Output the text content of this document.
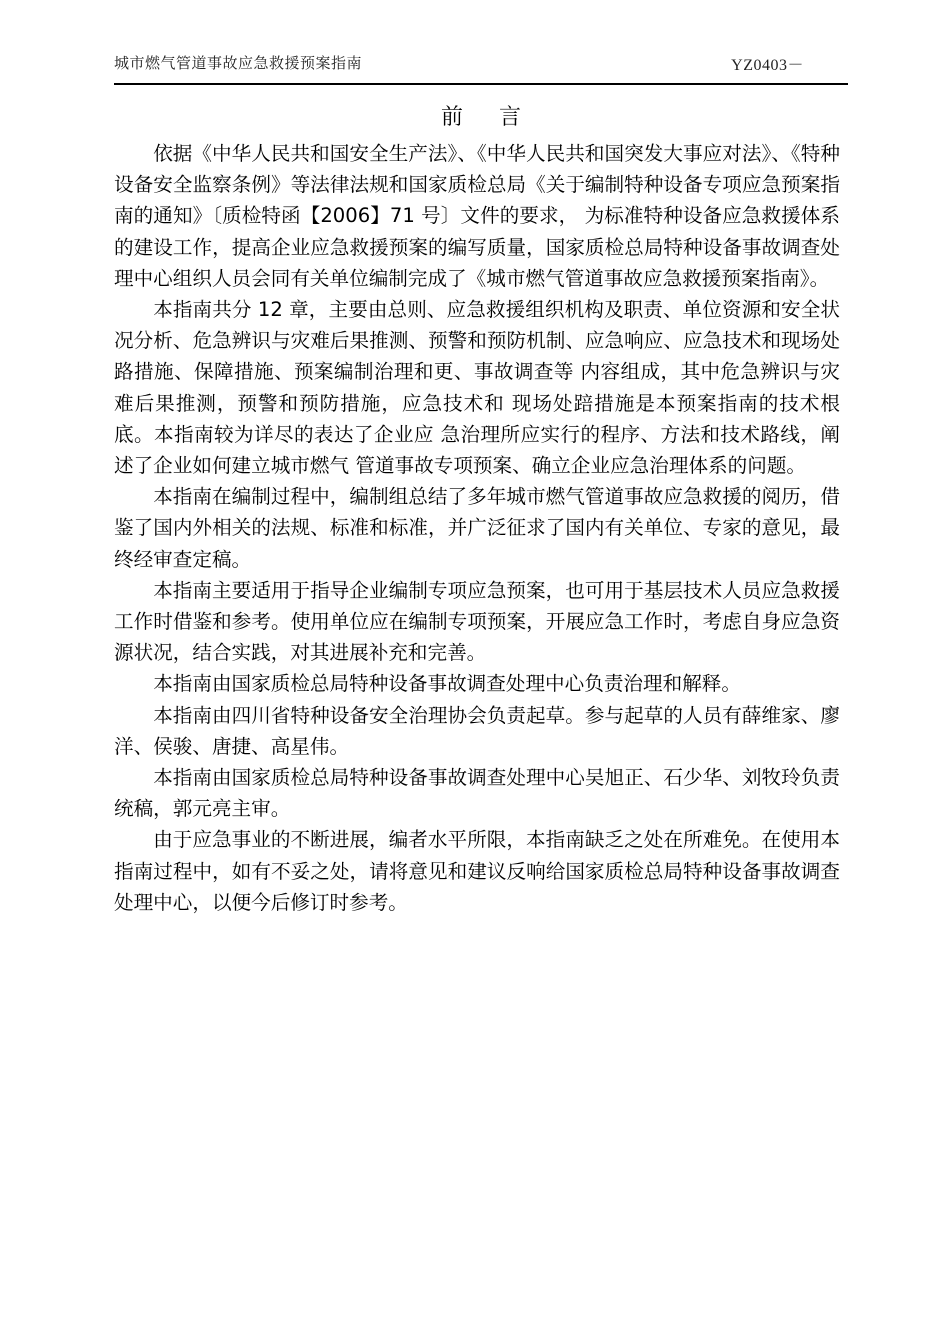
城市燃气管道事故应急救援预案指南	YZ0403－
前言

依据《中华人民共和国安全生产法》、《中华人民共和国突发大事应对法》、《特种设备安全监察条例》等法律法规和国家质检总局《关于编制特种设备专项应急预案指南的通知》〔质检特函【2006】71 号〕文件的要求， 为标准特种设备应急救援体系的建设工作，提高企业应急救援预案的编写质量，国家质检总局特种设备事故调查处理中心组织人员会同有关单位编制完成了《城市燃气管道事故应急救援预案指南》。

本指南共分 12 章，主要由总则、应急救援组织机构及职责、单位资源和安全状况分析、危急辨识与灾难后果推测、预警和预防机制、应急响应、应急技术和现场处路措施、保障措施、预案编制治理和更、事故调查等 内容组成，其中危急辨识与灾难后果推测，预警和预防措施，应急技术和 现场处踣措施是本预案指南的技术根底。本指南较为详尽的表达了企业应 急治理所应实行的程序、方法和技术路线，阐述了企业如何建立城市燃气 管道事故专项预案、确立企业应急治理体系的问题。

本指南在编制过程中，编制组总结了多年城市燃气管道事故应急救援的阅历，借鉴了国内外相关的法规、标准和标准，并广泛征求了国内有关单位、专家的意见，最终经审查定稿。

本指南主要适用于指导企业编制专项应急预案，也可用于基层技术人员应急救援工作时借鉴和参考。使用单位应在编制专项预案，开展应急工作时，考虑自身应急资源状况，结合实践，对其进展补充和完善。

本指南由国家质检总局特种设备事故调查处理中心负责治理和解释。

本指南由四川省特种设备安全治理协会负责起草。参与起草的人员有薛维家、廖洋、侯骏、唐捷、高星伟。

本指南由国家质检总局特种设备事故调查处理中心吴旭正、石少华、刘牧玲负责统稿，郭元亮主审。

由于应急事业的不断进展，编者水平所限，本指南缺乏之处在所难免。在使用本指南过程中，如有不妥之处，请将意见和建议反响给国家质检总局特种设备事故调查处理中心，以便今后修订时参考。
